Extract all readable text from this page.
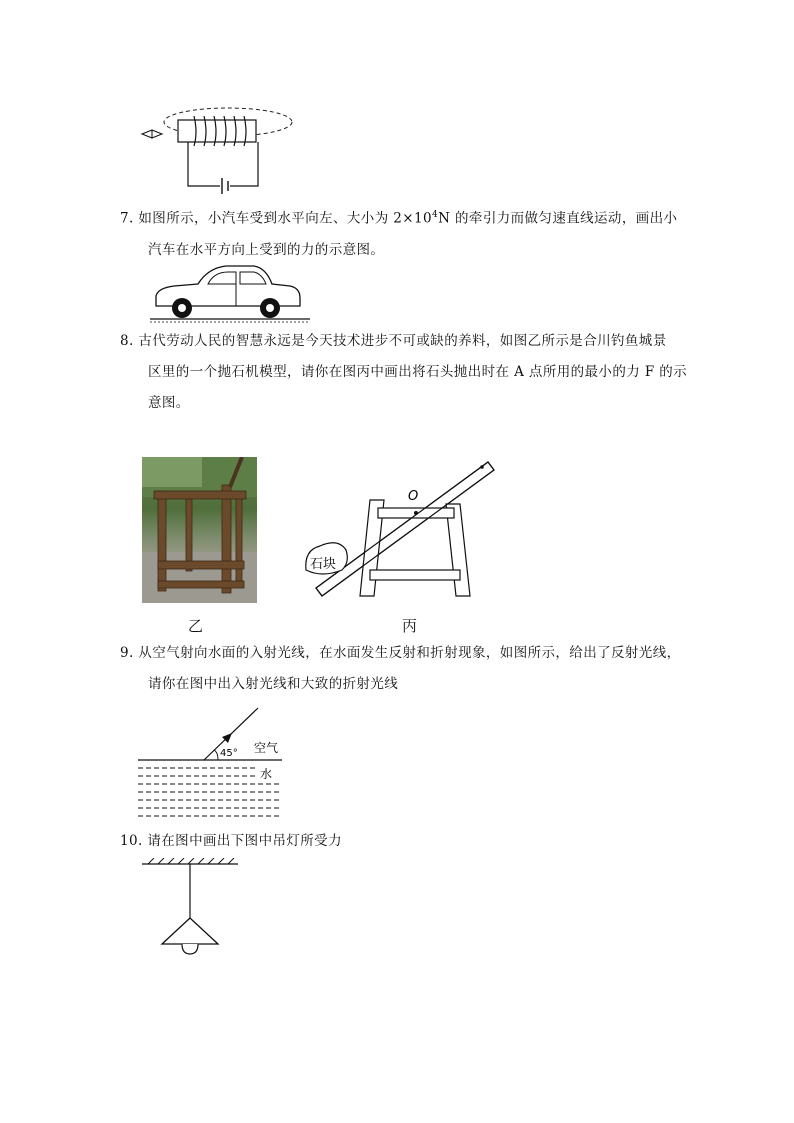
7. 如图所示，小汽车受到水平向左、大小为 $2\times 10^4N$ 的牵引力而做匀速直线运动，画出小
汽车在水平方向上受到的力的示意图。
8. 古代劳动人民的智慧永远是今天技术进步不可或缺的养料，如图乙所示是合川钓鱼城景
区里的一个抛石机模型，请你在图丙中画出将石头抛出时在 A 点所用的最小的力 F 的示
意图。
乙
O
石块
丙
9. 从空气射向水面的入射光线，在水面发生反射和折射现象，如图所示，给出了反射光线，
请你在图中出入射光线和大致的折射光线
45° 空气
水
10. 请在图中画出下图中吊灯所受力
